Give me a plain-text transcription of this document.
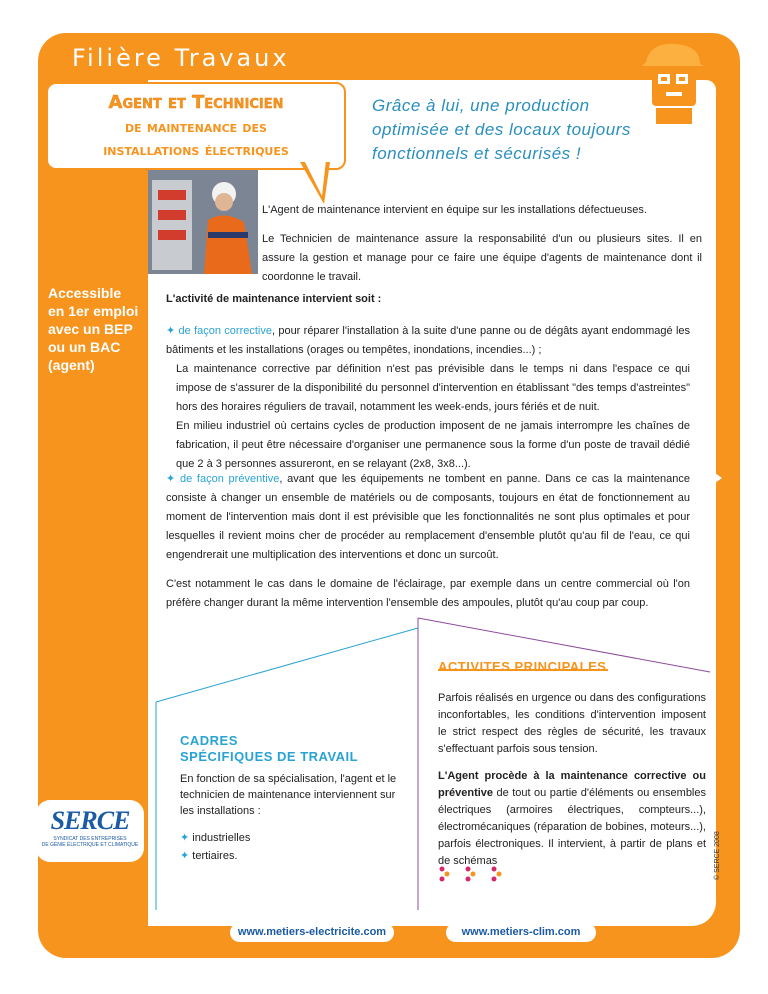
Filière Travaux
Agent et Technicien
de maintenance des
installations électriques
Grâce à lui, une production optimisée et des locaux toujours fonctionnels et sécurisés !
Accessible
en 1er emploi
avec un BEP
ou un BAC
(agent)
L'Agent de maintenance intervient en équipe sur les installations défectueuses.
Le Technicien de maintenance assure la responsabilité d'un ou plusieurs sites. Il en assure la gestion et manage pour ce faire une équipe d'agents de maintenance dont il coordonne le travail.
L'activité de maintenance intervient soit :
✦ de façon corrective, pour réparer l'installation à la suite d'une panne ou de dégâts ayant endommagé les bâtiments et les installations (orages ou tempêtes, inondations, incendies...) ;
La maintenance corrective par définition n'est pas prévisible dans le temps ni dans l'espace ce qui impose de s'assurer de la disponibilité du personnel d'intervention en établissant "des temps d'astreintes" hors des horaires réguliers de travail, notamment les week-ends, jours fériés et de nuit.
En milieu industriel où certains cycles de production imposent de ne jamais interrompre les chaînes de fabrication, il peut être nécessaire d'organiser une permanence sous la forme d'un poste de travail dédié que 2 à 3 personnes assureront, en se relayant (2x8, 3x8...).
✦ de façon préventive, avant que les équipements ne tombent en panne. Dans ce cas la maintenance consiste à changer un ensemble de matériels ou de composants, toujours en état de fonctionnement au moment de l'intervention mais dont il est prévisible que les fonctionnalités ne sont plus optimales et pour lesquelles il revient moins cher de procéder au remplacement d'ensemble plutôt qu'au fil de l'eau, ce qui engendrerait une multiplication des interventions et donc un surcoût.
C'est notamment le cas dans le domaine de l'éclairage, par exemple dans un centre commercial où l'on préfère changer durant la même intervention l'ensemble des ampoules, plutôt qu'au coup par coup.
ACTIVITES PRINCIPALES

Parfois réalisés en urgence ou dans des configurations inconfortables, les conditions d'intervention imposent le strict respect des règles de sécurité, les travaux s'effectuant parfois sous tension.

L'Agent procède à la maintenance corrective ou préventive de tout ou partie d'éléments ou ensembles électriques (armoires électriques, compteurs...), électromécaniques (réparation de bobines, moteurs...), parfois électroniques. Il intervient, à partir de plans et de schémas

CADRES
SPÉCIFIQUES DE TRAVAIL
En fonction de sa spécialisation, l'agent et le technicien de maintenance interviennent sur les installations :
✦ industrielles
✦ tertiaires.
SERCE
SYNDICAT DES ENTREPRISES
DE GÉNIE ÉLECTRIQUE ET CLIMATIQUE	© SERCE 2008
www.metiers-electricite.com	www.metiers-clim.com
